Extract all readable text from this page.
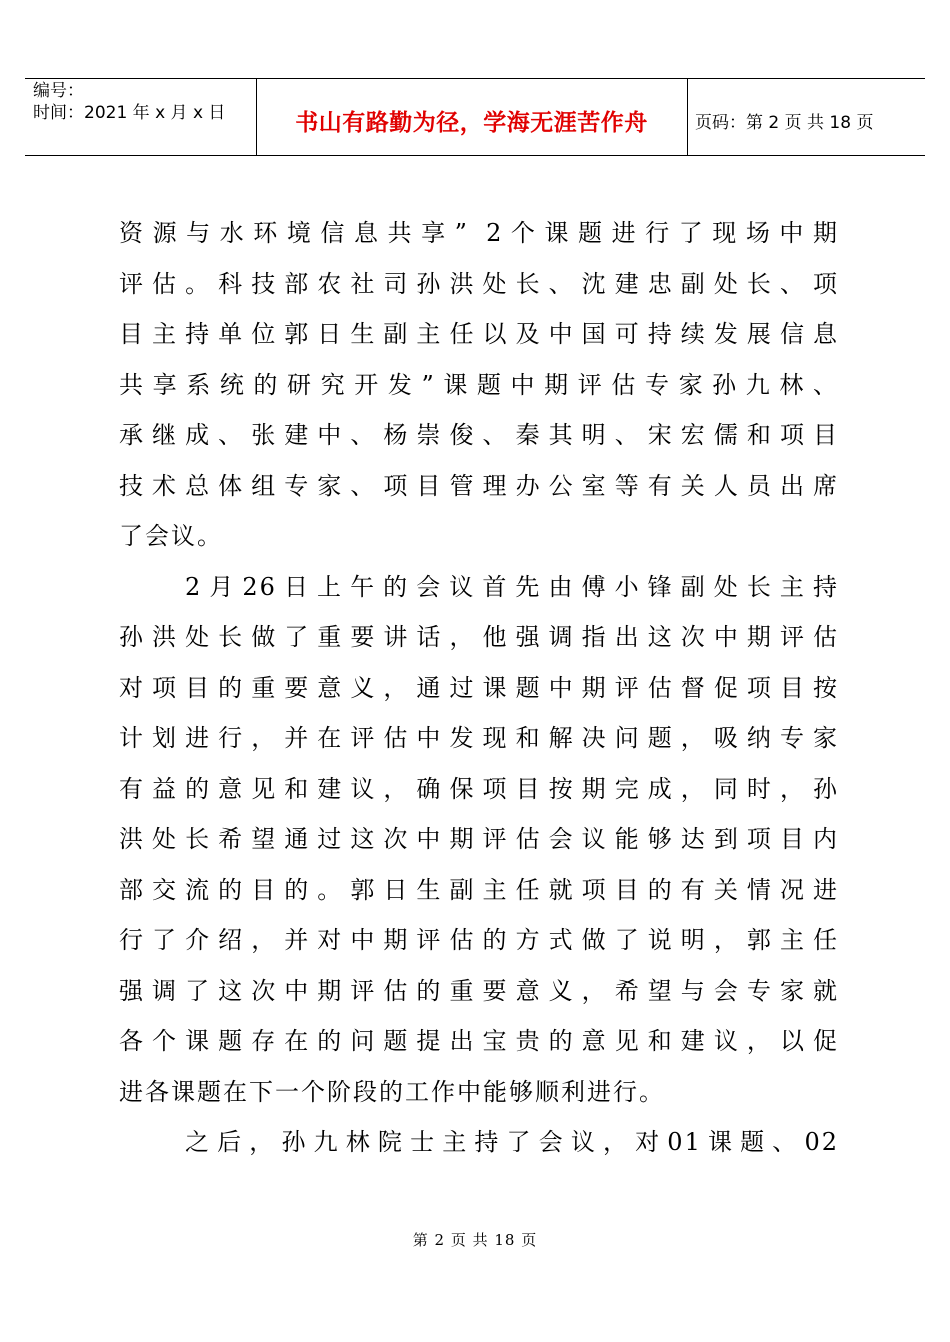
编号：
时间：2021 年 x 月 x 日	书山有路勤为径，学海无涯苦作舟	页码：第 2 页 共 18 页
资源与水环境信息共享” 2个课题进行了现场中期
评估。科技部农社司孙洪处长、沈建忠副处长、项
目主持单位郭日生副主任以及中国可持续发展信息
共享系统的研究开发”课题中期评估专家孙九林、
承继成、张建中、杨崇俊、秦其明、宋宏儒和项目
技术总体组专家、项目管理办公室等有关人员出席
了会议。
2月26日上午的会议首先由傅小锋副处长主持
孙洪处长做了重要讲话，他强调指出这次中期评估
对项目的重要意义，通过课题中期评估督促项目按
计划进行，并在评估中发现和解决问题，吸纳专家
有益的意见和建议，确保项目按期完成，同时，孙
洪处长希望通过这次中期评估会议能够达到项目内
部交流的目的。郭日生副主任就项目的有关情况进
行了介绍，并对中期评估的方式做了说明，郭主任
强调了这次中期评估的重要意义，希望与会专家就
各个课题存在的问题提出宝贵的意见和建议，以促
进各课题在下一个阶段的工作中能够顺利进行。
之后，孙九林院士主持了会议，对01课题、02
第 2 页 共 18 页
